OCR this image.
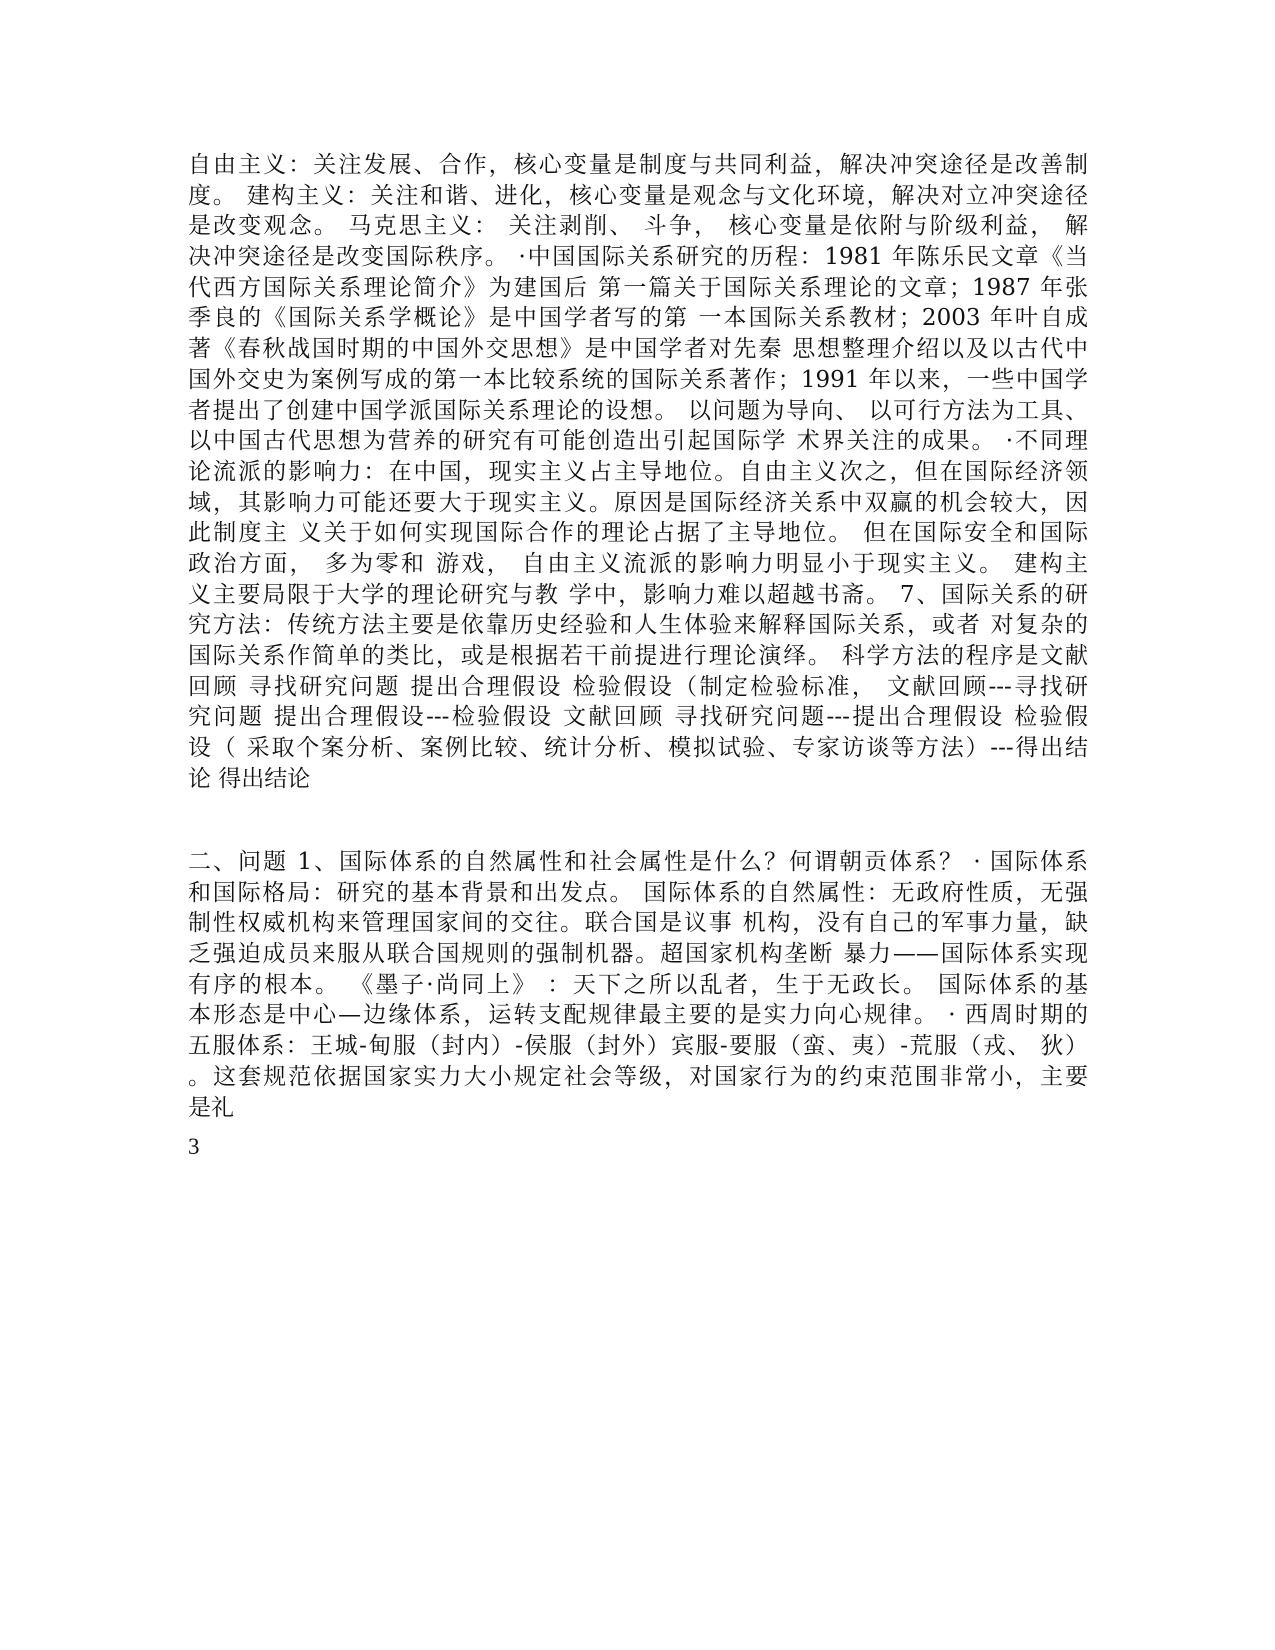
自由主义：关注发展、合作，核心变量是制度与共同利益，解决冲突途径是改善制
度。 建构主义：关注和谐、进化，核心变量是观念与文化环境，解决对立冲突途径
是改变观念。 马克思主义： 关注剥削、 斗争， 核心变量是依附与阶级利益， 解
决冲突途径是改变国际秩序。 ·中国国际关系研究的历程：1981 年陈乐民文章《当
代西方国际关系理论简介》为建国后 第一篇关于国际关系理论的文章；1987 年张
季良的《国际关系学概论》是中国学者写的第 一本国际关系教材；2003 年叶自成
著《春秋战国时期的中国外交思想》是中国学者对先秦 思想整理介绍以及以古代中
国外交史为案例写成的第一本比较系统的国际关系著作；1991 年以来，一些中国学
者提出了创建中国学派国际关系理论的设想。 以问题为导向、 以可行方法为工具、
以中国古代思想为营养的研究有可能创造出引起国际学 术界关注的成果。 ·不同理
论流派的影响力：在中国，现实主义占主导地位。自由主义次之，但在国际经济领
域，其影响力可能还要大于现实主义。原因是国际经济关系中双赢的机会较大，因
此制度主 义关于如何实现国际合作的理论占据了主导地位。 但在国际安全和国际
政治方面， 多为零和 游戏， 自由主义流派的影响力明显小于现实主义。 建构主
义主要局限于大学的理论研究与教 学中，影响力难以超越书斋。 7、国际关系的研
究方法：传统方法主要是依靠历史经验和人生体验来解释国际关系，或者 对复杂的
国际关系作简单的类比，或是根据若干前提进行理论演绎。 科学方法的程序是文献
回顾 寻找研究问题 提出合理假设 检验假设（制定检验标准， 文献回顾---寻找研
究问题 提出合理假设---检验假设 文献回顾 寻找研究问题---提出合理假设 检验假
设（ 采取个案分析、案例比较、统计分析、模拟试验、专家访谈等方法）---得出结
论 得出结论
二、问题 1、国际体系的自然属性和社会属性是什么？何谓朝贡体系？ · 国际体系
和国际格局：研究的基本背景和出发点。 国际体系的自然属性：无政府性质，无强
制性权威机构来管理国家间的交往。联合国是议事 机构，没有自己的军事力量，缺
乏强迫成员来服从联合国规则的强制机器。超国家机构垄断 暴力——国际体系实现
有序的根本。 《墨子·尚同上》 ：天下之所以乱者，生于无政长。 国际体系的基
本形态是中心—边缘体系，运转支配规律最主要的是实力向心规律。 · 西周时期的
五服体系：王城-甸服（封内）-侯服（封外）宾服-要服（蛮、夷）-荒服（戎、 狄）
。这套规范依据国家实力大小规定社会等级，对国家行为的约束范围非常小，主要
是礼
3
